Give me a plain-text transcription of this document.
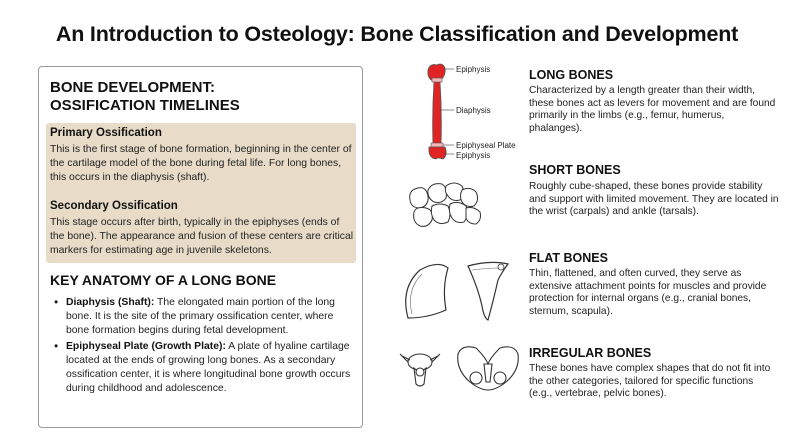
An Introduction to Osteology: Bone Classification and Development
BONE DEVELOPMENT:
OSSIFICATION TIMELINES
Primary Ossification
This is the first stage of bone formation, beginning in the center of the cartilage model of the bone during fetal life. For long bones, this occurs in the diaphysis (shaft).
Secondary Ossification
This stage occurs after birth, typically in the epiphyses (ends of the bone). The appearance and fusion of these centers are critical markers for estimating age in juvenile skeletons.
KEY ANATOMY OF A LONG BONE
• Diaphysis (Shaft): The elongated main portion of the long bone. It is the site of the primary ossification center, where bone formation begins during fetal development.
• Epiphyseal Plate (Growth Plate): A plate of hyaline cartilage located at the ends of growing long bones. As a secondary ossification center, it is where longitudinal bone growth occurs during childhood and adolescence.
Epiphysis
Diaphysis
Epiphyseal Plate
Epiphysis
LONG BONES
Characterized by a length greater than their width, these bones act as levers for movement and are found primarily in the limbs (e.g., femur, humerus, phalanges).
SHORT BONES
Roughly cube-shaped, these bones provide stability and support with limited movement. They are located in the wrist (carpals) and ankle (tarsals).
FLAT BONES
Thin, flattened, and often curved, they serve as extensive attachment points for muscles and provide protection for internal organs (e.g., cranial bones, sternum, scapula).
IRREGULAR BONES
These bones have complex shapes that do not fit into the other categories, tailored for specific functions (e.g., vertebrae, pelvic bones).
